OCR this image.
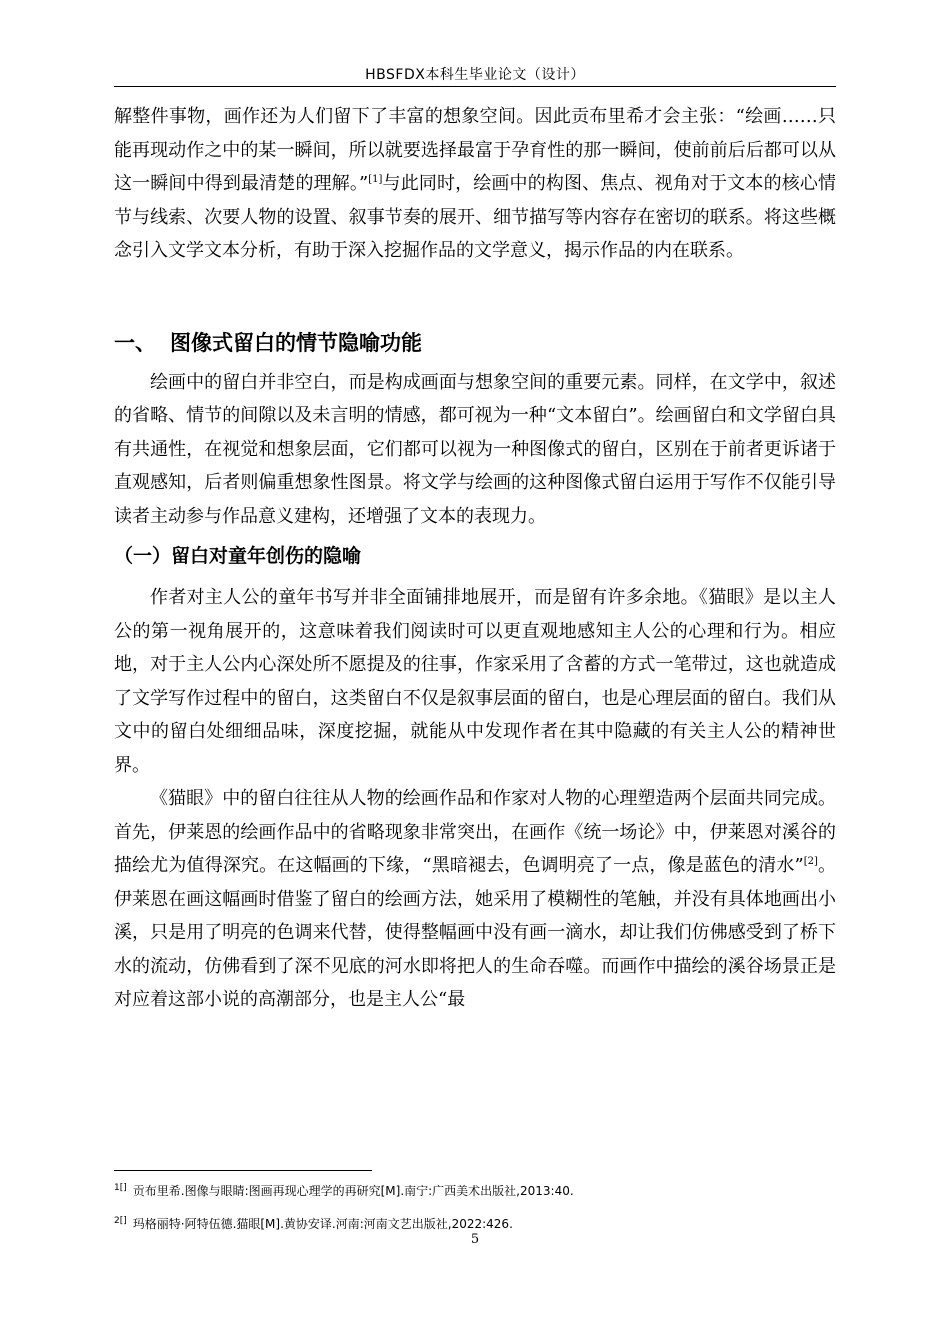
HBSFDX本科生毕业论文（设计）

解整件事物，画作还为人们留下了丰富的想象空间。因此贡布里希才会主张：“绘画……只能再现动作之中的某一瞬间，所以就要选择最富于孕育性的那一瞬间，使前前后后都可以从这一瞬间中得到最清楚的理解。”[1]与此同时，绘画中的构图、焦点、视角对于文本的核心情节与线索、次要人物的设置、叙事节奏的展开、细节描写等内容存在密切的联系。将这些概念引入文学文本分析，有助于深入挖掘作品的文学意义，揭示作品的内在联系。

一、 图像式留白的情节隐喻功能

绘画中的留白并非空白，而是构成画面与想象空间的重要元素。同样，在文学中，叙述的省略、情节的间隙以及未言明的情感，都可视为一种“文本留白”。绘画留白和文学留白具有共通性，在视觉和想象层面，它们都可以视为一种图像式的留白，区别在于前者更诉诸于直观感知，后者则偏重想象性图景。将文学与绘画的这种图像式留白运用于写作不仅能引导读者主动参与作品意义建构，还增强了文本的表现力。

（一）留白对童年创伤的隐喻

作者对主人公的童年书写并非全面铺排地展开，而是留有许多余地。《猫眼》是以主人公的第一视角展开的，这意味着我们阅读时可以更直观地感知主人公的心理和行为。相应地，对于主人公内心深处所不愿提及的往事，作家采用了含蓄的方式一笔带过，这也就造成了文学写作过程中的留白，这类留白不仅是叙事层面的留白，也是心理层面的留白。我们从文中的留白处细细品味，深度挖掘，就能从中发现作者在其中隐藏的有关主人公的精神世界。

《猫眼》中的留白往往从人物的绘画作品和作家对人物的心理塑造两个层面共同完成。首先，伊莱恩的绘画作品中的省略现象非常突出，在画作《统一场论》中，伊莱恩对溪谷的描绘尤为值得深究。在这幅画的下缘，“黑暗褪去，色调明亮了一点，像是蓝色的清水”[2]。伊莱恩在画这幅画时借鉴了留白的绘画方法，她采用了模糊性的笔触，并没有具体地画出小溪，只是用了明亮的色调来代替，使得整幅画中没有画一滴水，却让我们仿佛感受到了桥下水的流动，仿佛看到了深不见底的河水即将把人的生命吞噬。而画作中描绘的溪谷场景正是对应着这部小说的高潮部分，也是主人公“最

$^{1[]}$ 贡布里希.图像与眼睛:图画再现心理学的再研究[M].南宁:广西美术出版社,2013:40.
$^{2[]}$ 玛格丽特·阿特伍德.猫眼[M].黄协安译.河南:河南文艺出版社,2022:426.
5
